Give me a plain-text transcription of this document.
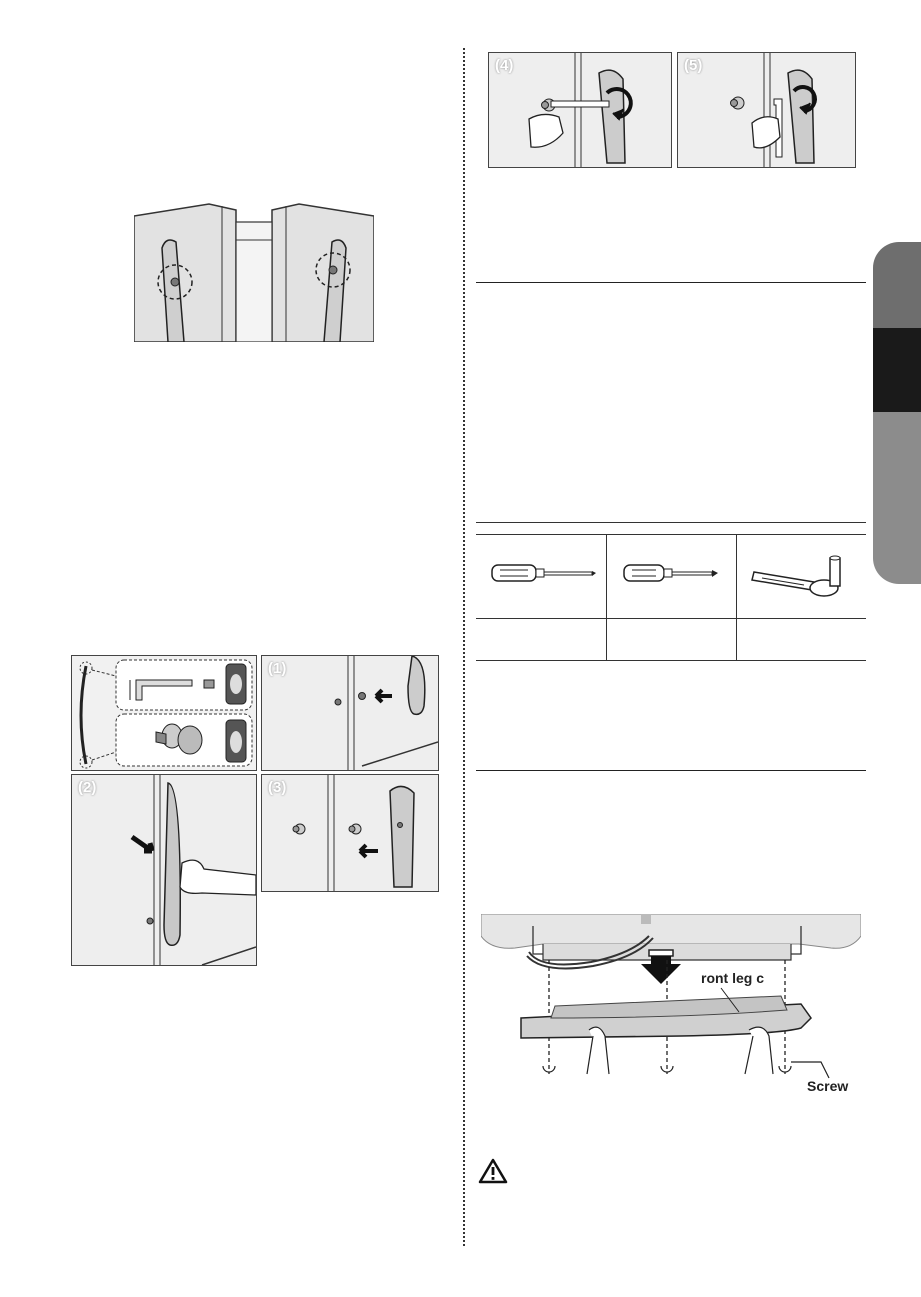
(1)
(2)	(3)
(4)	(5)
ront leg c
Screw
